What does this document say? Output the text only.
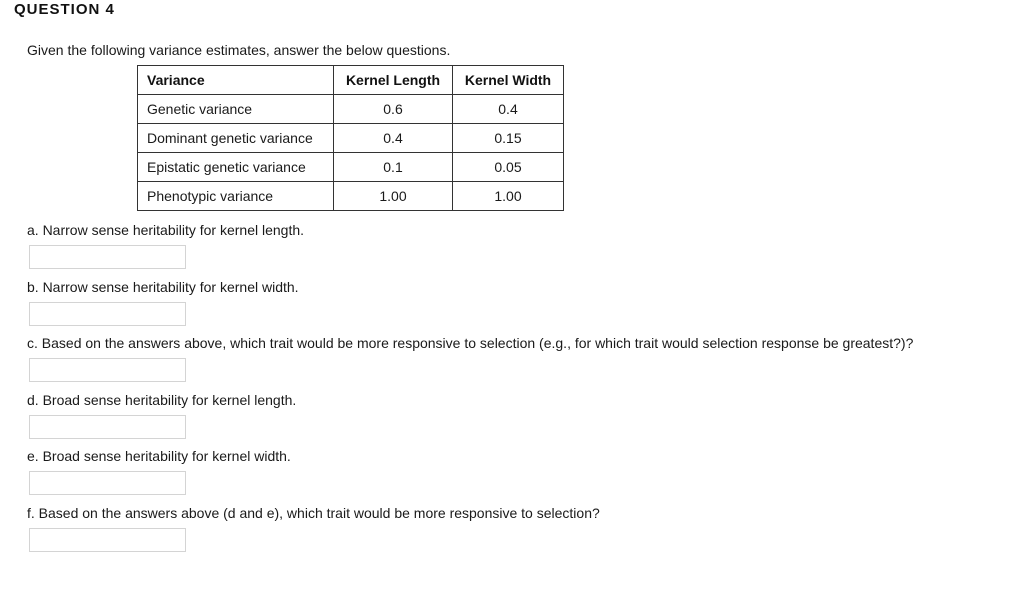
QUESTION 4
Given the following variance estimates, answer the below questions.
Variance	Kernel Length	Kernel Width
Genetic variance	0.6	0.4
Dominant genetic variance	0.4	0.15
Epistatic genetic variance	0.1	0.05
Phenotypic variance	1.00	1.00
a. Narrow sense heritability for kernel length.
b. Narrow sense heritability for kernel width.
c. Based on the answers above, which trait would be more responsive to selection (e.g., for which trait would selection response be greatest?)?
d. Broad sense heritability for kernel length.
e. Broad sense heritability for kernel width.
f. Based on the answers above (d and e), which trait would be more responsive to selection?
